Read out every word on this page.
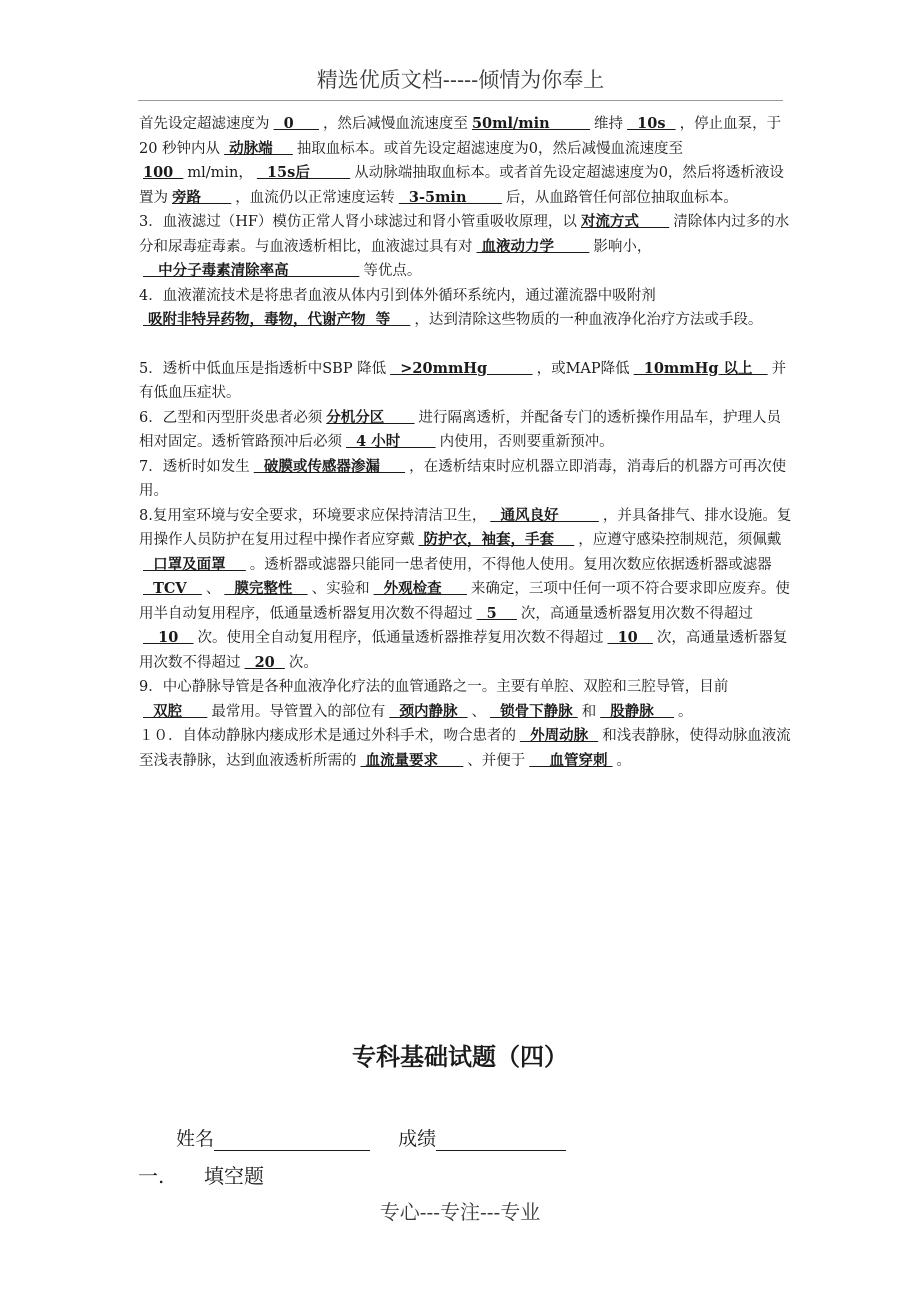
精选优质文档-----倾情为你奉上

首先设定超滤速度为  0     ，然后减慢血流速度至 50ml/min        维持  10s  ，停止血泵，于20 秒钟内从 动脉端    抽取血标本。或首先设定超滤速度为0，然后减慢血流速度至100  ml/min，  15s后        从动脉端抽取血标本。或者首先设定超滤速度为0，然后将透析液设置为 旁路      ，血流仍以正常速度运转  3-5min       后，从血路管任何部位抽取血标本。

3．血液滤过（HF）模仿正常人肾小球滤过和肾小管重吸收原理，以 对流方式      清除体内过多的水分和尿毒症毒素。与血液透析相比，血液滤过具有对 血液动力学       影响小，   中分子毒素清除率高              等优点。

4．血液灌流技术是将患者血液从体内引到体外循环系统内，通过灌流器中吸附剂 吸附非特异药物，毒物，代谢产物  等    ，达到清除这些物质的一种血液净化治疗方法或手段。

5．透析中低血压是指透析中SBP 降低  >20mmHg         ，或MAP降低  10mmHg 以上   并有低血压症状。

6．乙型和丙型肝炎患者必须 分机分区      进行隔离透析，并配备专门的透析操作用品车，护理人员相对固定。透析管路预冲后必须  4 小时       内使用，否则要重新预冲。

7．透析时如发生  破膜或传感器渗漏     ，在透析结束时应机器立即消毒，消毒后的机器方可再次使用。

8.复用室环境与安全要求，环境要求应保持清洁卫生，  通风良好        ，并具备排气、排水设施。复用操作人员防护在复用过程中操作者应穿戴 防护衣，袖套，手套    ，应遵守感染控制规范，须佩戴  口罩及面罩    。透析器或滤器只能同一患者使用，不得他人使用。复用次数应依据透析器或滤器  TCV   、  膜完整性   、实验和  外观检查     来确定，三项中任何一项不符合要求即应废弃。使用半自动复用程序，低通量透析器复用次数不得超过  5    次，高通量透析器复用次数不得超过   10   次。使用全自动复用程序，低通量透析器推荐复用次数不得超过  10   次，高通量透析器复用次数不得超过  20  次。

9．中心静脉导管是各种血液净化疗法的血管通路之一。主要有单腔、双腔和三腔导管，目前  双腔     最常用。导管置入的部位有  颈内静脉  、  锁骨下静脉 和  股静脉    。

１０．自体动静脉内瘘成形术是通过外科手术，吻合患者的  外周动脉  和浅表静脉，使得动脉血液流至浅表静脉，达到血液透析所需的 血流量要求     、并便于    血管穿刺 。

专科基础试题（四）
姓名	成绩
一. 填空题
专心---专注---专业
